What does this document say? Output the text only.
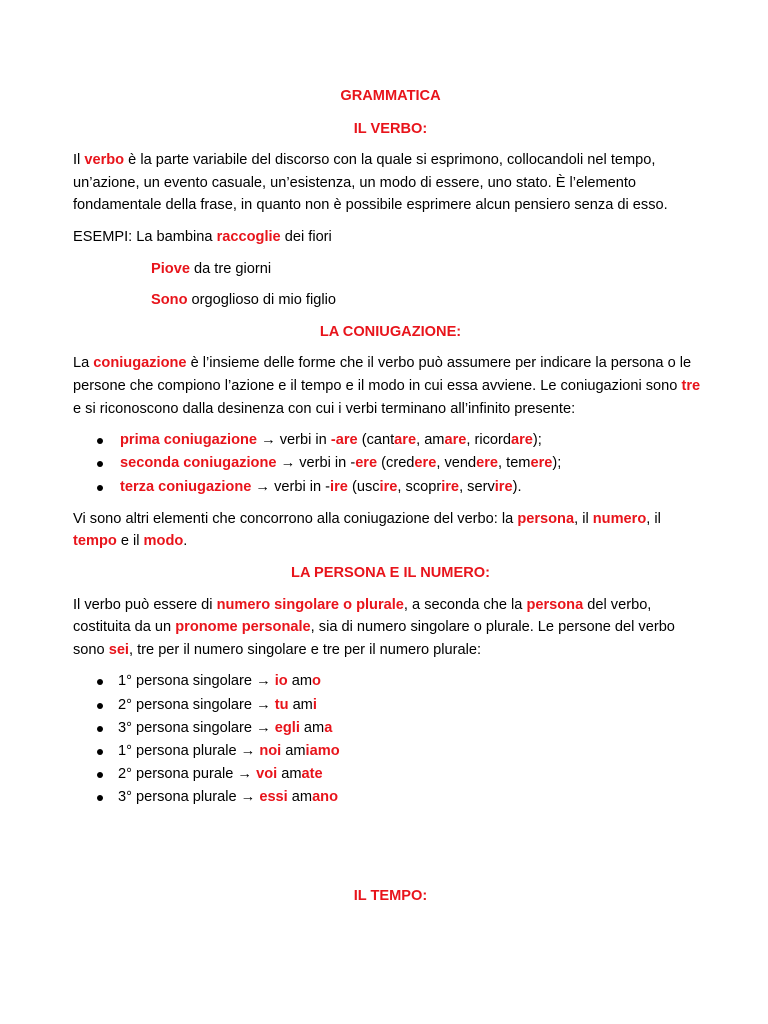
GRAMMATICA

IL VERBO:

Il verbo è la parte variabile del discorso con la quale si esprimono, collocandoli nel tempo, un’azione, un evento casuale, un’esistenza, un modo di essere, uno stato. È l’elemento fondamentale della frase, in quanto non è possibile esprimere alcun pensiero senza di esso.

ESEMPI: La bambina raccoglie dei fiori

Piove da tre giorni

Sono orgoglioso di mio figlio

LA CONIUGAZIONE:

La coniugazione è l’insieme delle forme che il verbo può assumere per indicare la persona o le persone che compiono l’azione e il tempo e il modo in cui essa avviene. Le coniugazioni sono tre e si riconoscono dalla desinenza con cui i verbi terminano all’infinito presente:

prima coniugazione → verbi in -are (cantare, amare, ricordare);
seconda coniugazione → verbi in -ere (credere, vendere, temere);
terza coniugazione → verbi in -ire (uscire, scoprire, servire).

Vi sono altri elementi che concorrono alla coniugazione del verbo: la persona, il numero, il tempo e il modo.

LA PERSONA E IL NUMERO:

Il verbo può essere di numero singolare o plurale, a seconda che la persona del verbo, costituita da un pronome personale, sia di numero singolare o plurale. Le persone del verbo sono sei, tre per il numero singolare e tre per il numero plurale:

1° persona singolare → io amo
2° persona singolare → tu ami
3° persona singolare → egli ama
1° persona plurale → noi amiamo
2° persona purale → voi amate
3° persona plurale → essi amano

IL TEMPO:
